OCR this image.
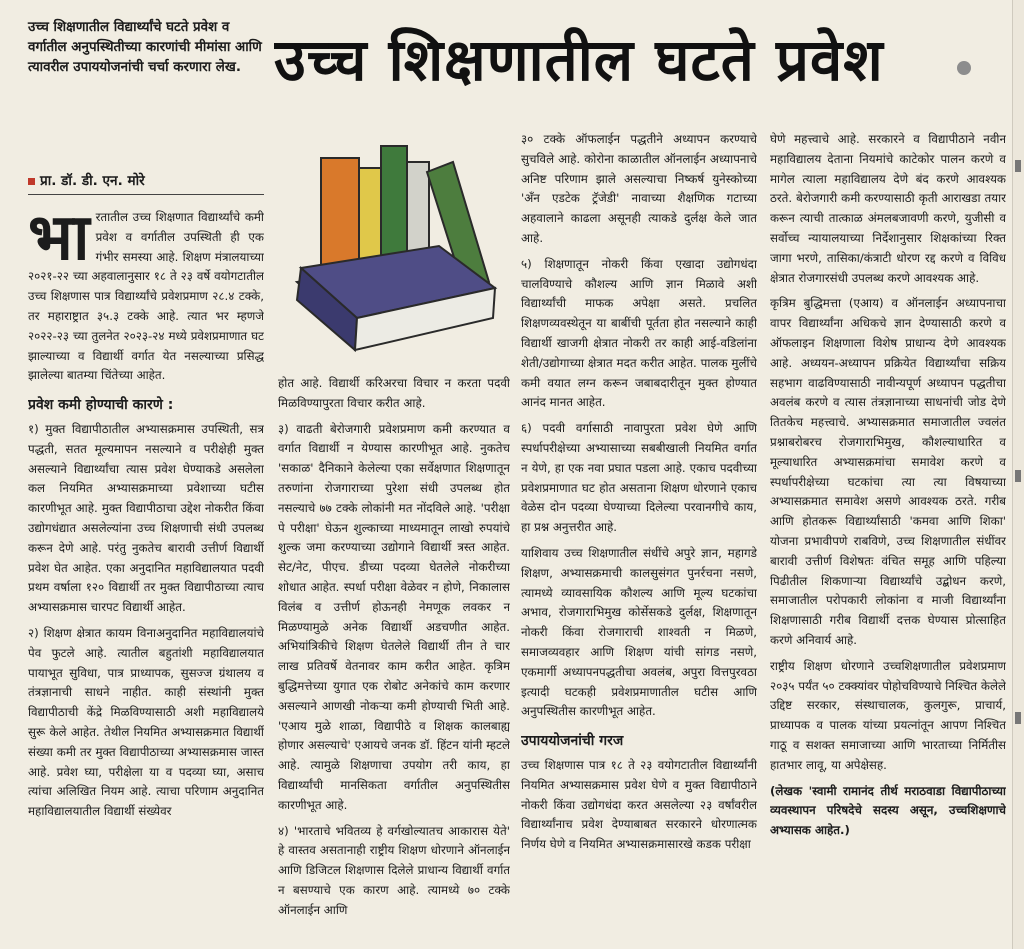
उच्च शिक्षणातील विद्यार्थ्यांचे घटते प्रवेश व वर्गातील अनुपस्थितीच्या कारणांची मीमांसा आणि त्यावरील उपाययोजनांची चर्चा करणारा लेख.
प्रा. डॉ. डी. एन. मोरे
उच्च शिक्षणातील घटते प्रवेश

भारतातील उच्च शिक्षणात विद्यार्थ्यांचे कमी प्रवेश व वर्गातील उपस्थिती ही एक गंभीर समस्या आहे. शिक्षण मंत्रालयाच्या २०२१-२२ च्या अहवालानुसार १८ ते २३ वर्षे वयोगटातील उच्च शिक्षणास पात्र विद्यार्थ्यांचे प्रवेशप्रमाण २८.४ टक्के, तर महाराष्ट्रात ३५.३ टक्के आहे. त्यात भर म्हणजे २०२२-२३ च्या तुलनेत २०२३-२४ मध्ये प्रवेशप्रमाणात घट झाल्याच्या व विद्यार्थी वर्गात येत नसल्याच्या प्रसिद्ध झालेल्या बातम्या चिंतेच्या आहेत.

प्रवेश कमी होण्याची कारणे :

१) मुक्त विद्यापीठातील अभ्यासक्रमास उपस्थिती, सत्र पद्धती, सतत मूल्यमापन नसल्याने व परीक्षेही मुक्त असल्याने विद्यार्थ्यांचा त्यास प्रवेश घेण्याकडे असलेला कल नियमित अभ्यासक्रमाच्या प्रवेशाच्या घटीस कारणीभूत आहे. मुक्त विद्यापीठाचा उद्देश नोकरीत किंवा उद्योगधंद्यात असलेल्यांना उच्च शिक्षणाची संधी उपलब्ध करून देणे आहे. परंतु नुकतेच बारावी उत्तीर्ण विद्यार्थी प्रवेश घेत आहेत. एका अनुदानित महाविद्यालयात पदवी प्रथम वर्षाला १२० विद्यार्थी तर मुक्त विद्यापीठाच्या त्याच अभ्यासक्रमास चारपट विद्यार्थी आहेत.

२) शिक्षण क्षेत्रात कायम विनाअनुदानित महाविद्यालयांचे पेव फुटले आहे. त्यातील बहुतांशी महाविद्यालयात पायाभूत सुविधा, पात्र प्राध्यापक, सुसज्ज ग्रंथालय व तंत्रज्ञानाची साधने नाहीत. काही संस्थांनी मुक्त विद्यापीठाची केंद्रे मिळविण्यासाठी अशी महाविद्यालये सुरू केले आहेत. तेथील नियमित अभ्यासक्रमात विद्यार्थी संख्या कमी तर मुक्त विद्यापीठाच्या अभ्यासक्रमास जास्त आहे. प्रवेश घ्या, परीक्षेला या व पदव्या घ्या, असाच त्यांचा अलिखित नियम आहे. त्याचा परिणाम अनुदानित महाविद्यालयातील विद्यार्थी संख्येवर

होत आहे. विद्यार्थी करिअरचा विचार न करता पदवी मिळविण्यापुरता विचार करीत आहे.

३) वाढती बेरोजगारी प्रवेशप्रमाण कमी करण्यात व वर्गात विद्यार्थी न येण्यास कारणीभूत आहे. नुकतेच 'सकाळ' दैनिकाने केलेल्या एका सर्वेक्षणात शिक्षणातून तरुणांना रोजगाराच्या पुरेशा संधी उपलब्ध होत नसल्याचे ७७ टक्के लोकांनी मत नोंदविले आहे. 'परीक्षा पे परीक्षा' घेऊन शुल्काच्या माध्यमातून लाखो रुपयांचे शुल्क जमा करण्याच्या उद्योगाने विद्यार्थी त्रस्त आहेत. सेट/नेट, पीएच. डीच्या पदव्या घेतलेले नोकरीच्या शोधात आहेत. स्पर्धा परीक्षा वेळेवर न होणे, निकालास विलंब व उत्तीर्ण होऊनही नेमणूक लवकर न मिळण्यामुळे अनेक विद्यार्थी अडचणीत आहेत. अभियांत्रिकीचे शिक्षण घेतलेले विद्यार्थी तीन ते चार लाख प्रतिवर्षे वेतनावर काम करीत आहेत. कृत्रिम बुद्धिमत्तेच्या युगात एक रोबोट अनेकांचे काम करणार असल्याने आणखी नोकऱ्या कमी होण्याची भिती आहे. 'एआय मुळे शाळा, विद्यापीठे व शिक्षक कालबाह्य होणार असल्याचे' एआयचे जनक डॉ. हिंटन यांनी म्हटले आहे. त्यामुळे शिक्षणाचा उपयोग तरी काय, हा विद्यार्थ्यांची मानसिकता वर्गातील अनुपस्थितीस कारणीभूत आहे.

४) 'भारताचे भवितव्य हे वर्गखोल्यातच आकारास येते' हे वास्तव असतानाही राष्ट्रीय शिक्षण धोरणाने ऑनलाईन आणि डिजिटल शिक्षणास दिलेले प्राधान्य विद्यार्थी वर्गात न बसण्याचे एक कारण आहे. त्यामध्ये ७० टक्के ऑनलाईन आणि

३० टक्के ऑफलाईन पद्धतीने अध्यापन करण्याचे सुचविले आहे. कोरोना काळातील ऑनलाईन अध्यापनाचे अनिष्ट परिणाम झाले असल्याचा निष्कर्ष युनेस्कोच्या 'अँन एडटेक ट्रॅजेडी' नावाच्या शैक्षणिक गटाच्या अहवालाने काढला असूनही त्याकडे दुर्लक्ष केले जात आहे.

५) शिक्षणातून नोकरी किंवा एखादा उद्योगधंदा चालविण्याचे कौशल्य आणि ज्ञान मिळावे अशी विद्यार्थ्यांची माफक अपेक्षा असते. प्रचलित शिक्षणव्यवस्थेतून या बाबींची पूर्तता होत नसल्याने काही विद्यार्थी खाजगी क्षेत्रात नोकरी तर काही आई-वडिलांना शेती/उद्योगाच्या क्षेत्रात मदत करीत आहेत. पालक मुलींचे कमी वयात लग्न करून जबाबदारीतून मुक्त होण्यात आनंद मानत आहेत.

६) पदवी वर्गासाठी नावापुरता प्रवेश घेणे आणि स्पर्धापरीक्षेच्या अभ्यासाच्या सबबीखाली नियमित वर्गात न येणे, हा एक नवा प्रघात पडला आहे. एकाच पदवीच्या प्रवेशप्रमाणात घट होत असताना शिक्षण धोरणाने एकाच वेळेस दोन पदव्या घेण्याच्या दिलेल्या परवानगीचे काय, हा प्रश्न अनुत्तरीत आहे.

याशिवाय उच्च शिक्षणातील संधींचे अपुरे ज्ञान, महागडे शिक्षण, अभ्यासक्रमाची कालसुसंगत पुनर्रचना नसणे, त्यामध्ये व्यावसायिक कौशल्य आणि मूल्य घटकांचा अभाव, रोजगाराभिमुख कोर्सेसकडे दुर्लक्ष, शिक्षणातून नोकरी किंवा रोजगाराची शाश्वती न मिळणे, समाजव्यवहार आणि शिक्षण यांची सांगड नसणे, एकमार्गी अध्यापनपद्धतीचा अवलंब, अपुरा वित्तपुरवठा इत्यादी घटकही प्रवेशप्रमाणातील घटीस आणि अनुपस्थितीस कारणीभूत आहेत.

उपाययोजनांची गरज

उच्च शिक्षणास पात्र १८ ते २३ वयोगटातील विद्यार्थ्यांनी नियमित अभ्यासक्रमास प्रवेश घेणे व मुक्त विद्यापीठाने नोकरी किंवा उद्योगधंदा करत असलेल्या २३ वर्षांवरील विद्यार्थ्यांनाच प्रवेश देण्याबाबत सरकारने धोरणात्मक निर्णय घेणे व नियमित अभ्यासक्रमासारखे कडक परीक्षा

घेणे महत्त्वाचे आहे. सरकारने व विद्यापीठाने नवीन महाविद्यालय देताना नियमांचे काटेकोर पालन करणे व मागेल त्याला महाविद्यालय देणे बंद करणे आवश्यक ठरते. बेरोजगारी कमी करण्यासाठी कृती आराखडा तयार करून त्याची तात्काळ अंमलबजावणी करणे, युजीसी व सर्वोच्च न्यायालयाच्या निर्देशानुसार शिक्षकांच्या रिक्त जागा भरणे, तासिका/कंत्राटी धोरण रद्द करणे व विविध क्षेत्रात रोजगारसंधी उपलब्ध करणे आवश्यक आहे.

कृत्रिम बुद्धिमत्ता (एआय) व ऑनलाईन अध्यापनाचा वापर विद्यार्थ्यांना अधिकचे ज्ञान देण्यासाठी करणे व ऑफलाइन शिक्षणाला विशेष प्राधान्य देणे आवश्यक आहे. अध्ययन-अध्यापन प्रक्रियेत विद्यार्थ्यांचा सक्रिय सहभाग वाढविण्यासाठी नावीन्यपूर्ण अध्यापन पद्धतीचा अवलंब करणे व त्यास तंत्रज्ञानाच्या साधनांची जोड देणे तितकेच महत्त्वाचे. अभ्यासक्रमात समाजातील ज्वलंत प्रश्नाबरोबरच रोजगाराभिमुख, कौशल्याधारित व मूल्याधारित अभ्यासक्रमांचा समावेश करणे व स्पर्धापरीक्षेच्या घटकांचा त्या त्या विषयाच्या अभ्यासक्रमात समावेश असणे आवश्यक ठरते. गरीब आणि होतकरू विद्यार्थ्यांसाठी 'कमवा आणि शिका' योजना प्रभावीपणे राबविणे, उच्च शिक्षणातील संधींवर बारावी उत्तीर्ण विशेषतः वंचित समूह आणि पहिल्या पिढीतील शिकणाऱ्या विद्यार्थ्यांचे उद्बोधन करणे, समाजातील परोपकारी लोकांना व माजी विद्यार्थ्यांना शिक्षणासाठी गरीब विद्यार्थी दत्तक घेण्यास प्रोत्साहित करणे अनिवार्य आहे.

राष्ट्रीय शिक्षण धोरणाने उच्चशिक्षणातील प्रवेशप्रमाण २०३५ पर्यंत ५० टक्क्यांवर पोहोचविण्याचे निश्चित केलेले उद्दिष्ट सरकार, संस्थाचालक, कुलगुरू, प्राचार्य, प्राध्यापक व पालक यांच्या प्रयत्नांतून आपण निश्चित गाठू व सशक्त समाजाच्या आणि भारताच्या निर्मितीस हातभार लावू, या अपेक्षेसह.

(लेखक 'स्वामी रामानंद तीर्थ मराठवाडा विद्यापीठाच्या व्यवस्थापन परिषदेचे सदस्य असून, उच्चशिक्षणाचे अभ्यासक आहेत.)
